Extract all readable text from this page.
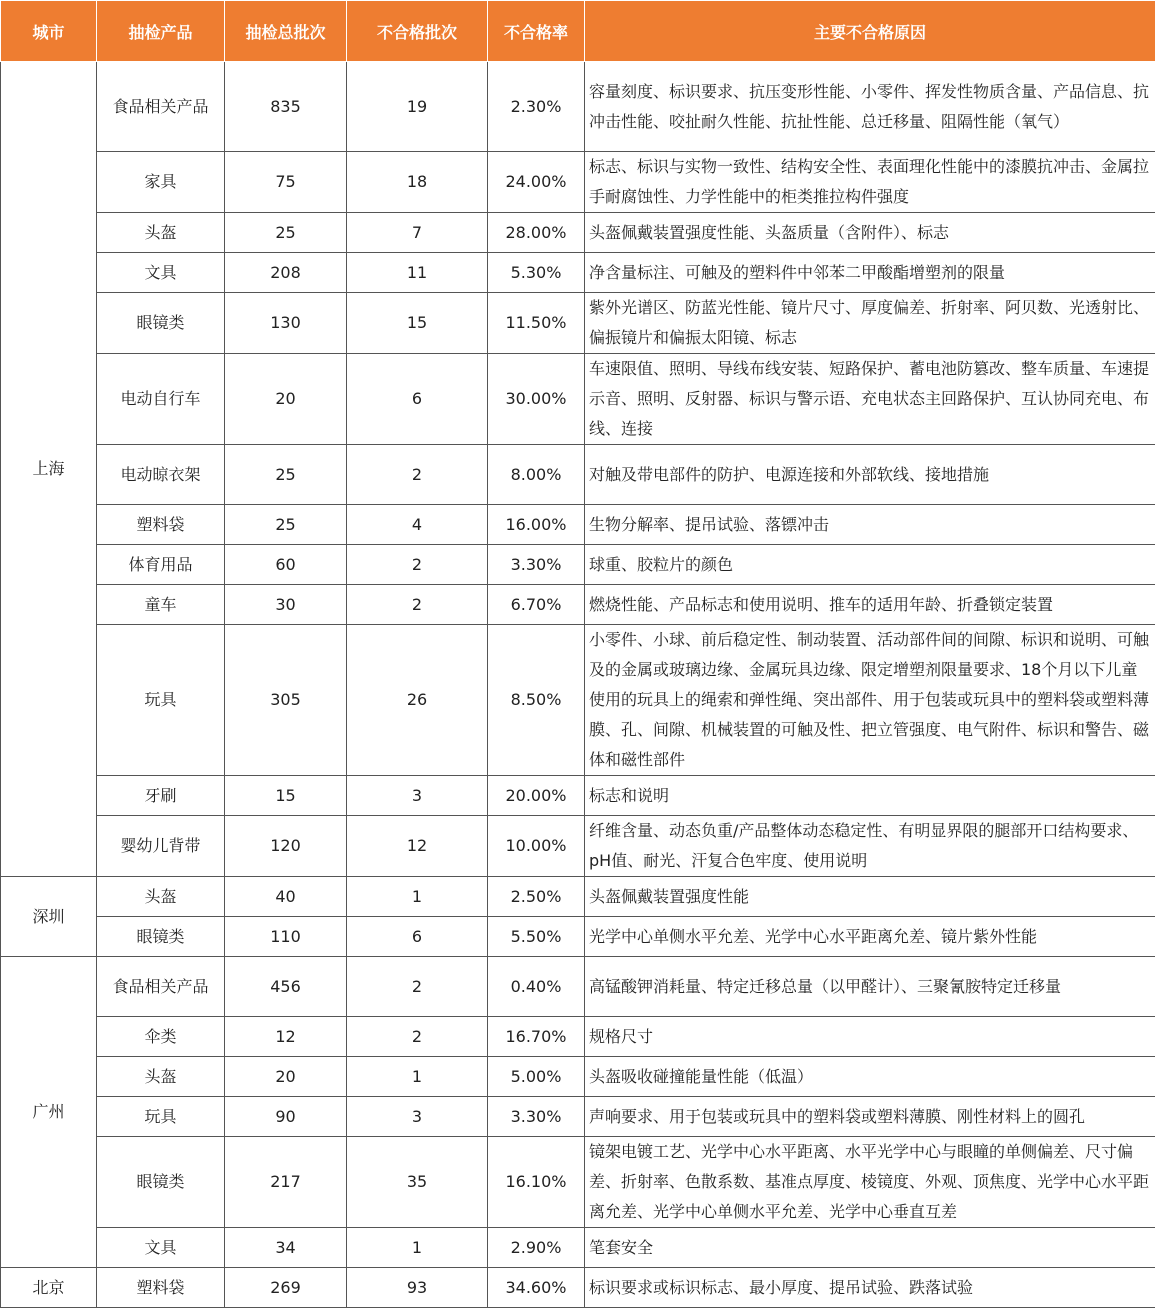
城市	抽检产品	抽检总批次	不合格批次	不合格率	主要不合格原因
上海	食品相关产品	835	19	2.30%	容量刻度、标识要求、抗压变形性能、小零件、挥发性物质含量、产品信息、抗冲击性能、咬扯耐久性能、抗扯性能、总迁移量、阻隔性能（氧气）
	家具	75	18	24.00%	标志、标识与实物一致性、结构安全性、表面理化性能中的漆膜抗冲击、金属拉手耐腐蚀性、力学性能中的柜类推拉构件强度
	头盔	25	7	28.00%	头盔佩戴装置强度性能、头盔质量（含附件）、标志
	文具	208	11	5.30%	净含量标注、可触及的塑料件中邻苯二甲酸酯增塑剂的限量
	眼镜类	130	15	11.50%	紫外光谱区、防蓝光性能、镜片尺寸、厚度偏差、折射率、阿贝数、光透射比、偏振镜片和偏振太阳镜、标志
	电动自行车	20	6	30.00%	车速限值、照明、导线布线安装、短路保护、蓄电池防篡改、整车质量、车速提示音、照明、反射器、标识与警示语、充电状态主回路保护、互认协同充电、布线、连接
	电动晾衣架	25	2	8.00%	对触及带电部件的防护、电源连接和外部软线、接地措施
	塑料袋	25	4	16.00%	生物分解率、提吊试验、落镖冲击
	体育用品	60	2	3.30%	球重、胶粒片的颜色
	童车	30	2	6.70%	燃烧性能、产品标志和使用说明、推车的适用年龄、折叠锁定装置
	玩具	305	26	8.50%	小零件、小球、前后稳定性、制动装置、活动部件间的间隙、标识和说明、可触及的金属或玻璃边缘、金属玩具边缘、限定增塑剂限量要求、18个月以下儿童使用的玩具上的绳索和弹性绳、突出部件、用于包装或玩具中的塑料袋或塑料薄膜、孔、间隙、机械装置的可触及性、把立管强度、电气附件、标识和警告、磁体和磁性部件
	牙刷	15	3	20.00%	标志和说明
	婴幼儿背带	120	12	10.00%	纤维含量、动态负重/产品整体动态稳定性、有明显界限的腿部开口结构要求、pH值、耐光、汗复合色牢度、使用说明
深圳	头盔	40	1	2.50%	头盔佩戴装置强度性能
	眼镜类	110	6	5.50%	光学中心单侧水平允差、光学中心水平距离允差、镜片紫外性能
广州	食品相关产品	456	2	0.40%	高锰酸钾消耗量、特定迁移总量（以甲醛计）、三聚氰胺特定迁移量
	伞类	12	2	16.70%	规格尺寸
	头盔	20	1	5.00%	头盔吸收碰撞能量性能（低温）
	玩具	90	3	3.30%	声响要求、用于包装或玩具中的塑料袋或塑料薄膜、刚性材料上的圆孔
	眼镜类	217	35	16.10%	镜架电镀工艺、光学中心水平距离、水平光学中心与眼瞳的单侧偏差、尺寸偏差、折射率、色散系数、基准点厚度、棱镜度、外观、顶焦度、光学中心水平距离允差、光学中心单侧水平允差、光学中心垂直互差
	文具	34	1	2.90%	笔套安全
北京	塑料袋	269	93	34.60%	标识要求或标识标志、最小厚度、提吊试验、跌落试验
